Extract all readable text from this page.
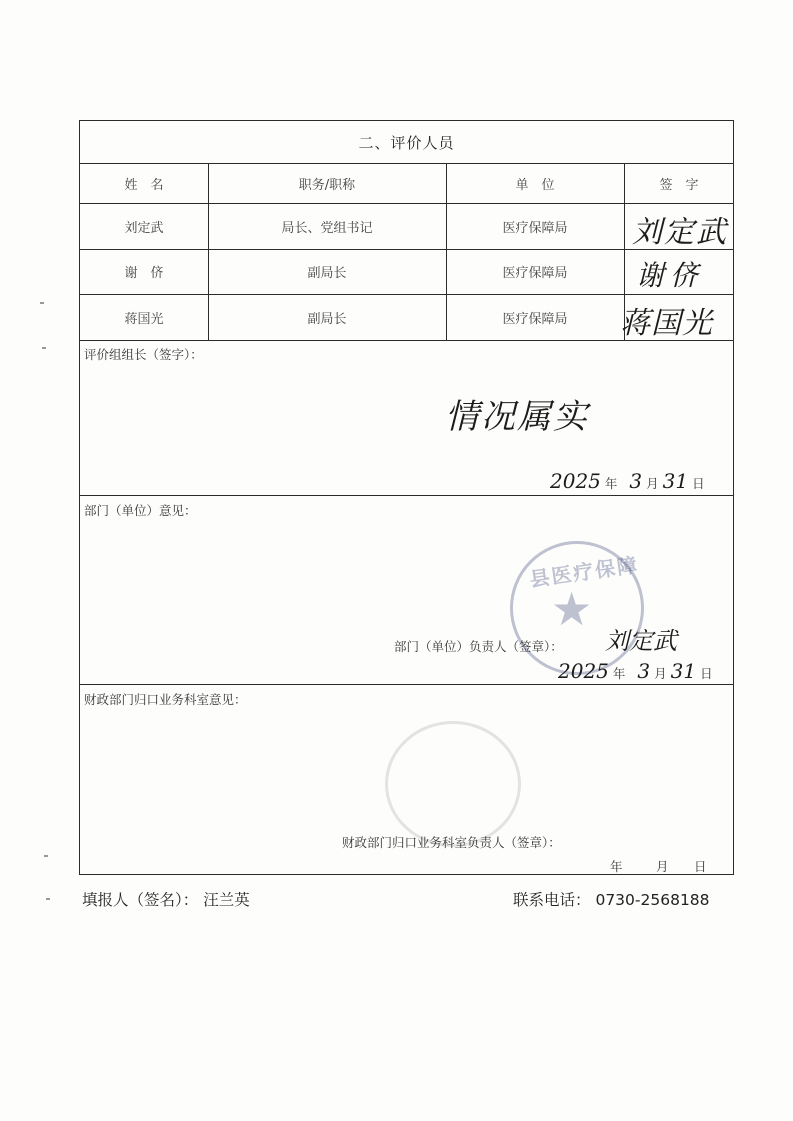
二、评价人员
姓　名	职务/职称	单　位	签　字
刘定武	局长、党组书记	医疗保障局	刘定武
谢　侪	副局长	医疗保障局	谢侪
蒋国光	副局长	医疗保障局	蒋国光
评价组组长（签字）：
情况属实
2025 年 3 月 31 日
部门（单位）意见：
县医疗保障
★
部门（单位）负责人（签章）： 刘定武
2025 年 3 月 31 日
财政部门归口业务科室意见：
财政部门归口业务科室负责人（签章）：
年	月 日
填报人（签名）： 汪兰英	联系电话： 0730-2568188
